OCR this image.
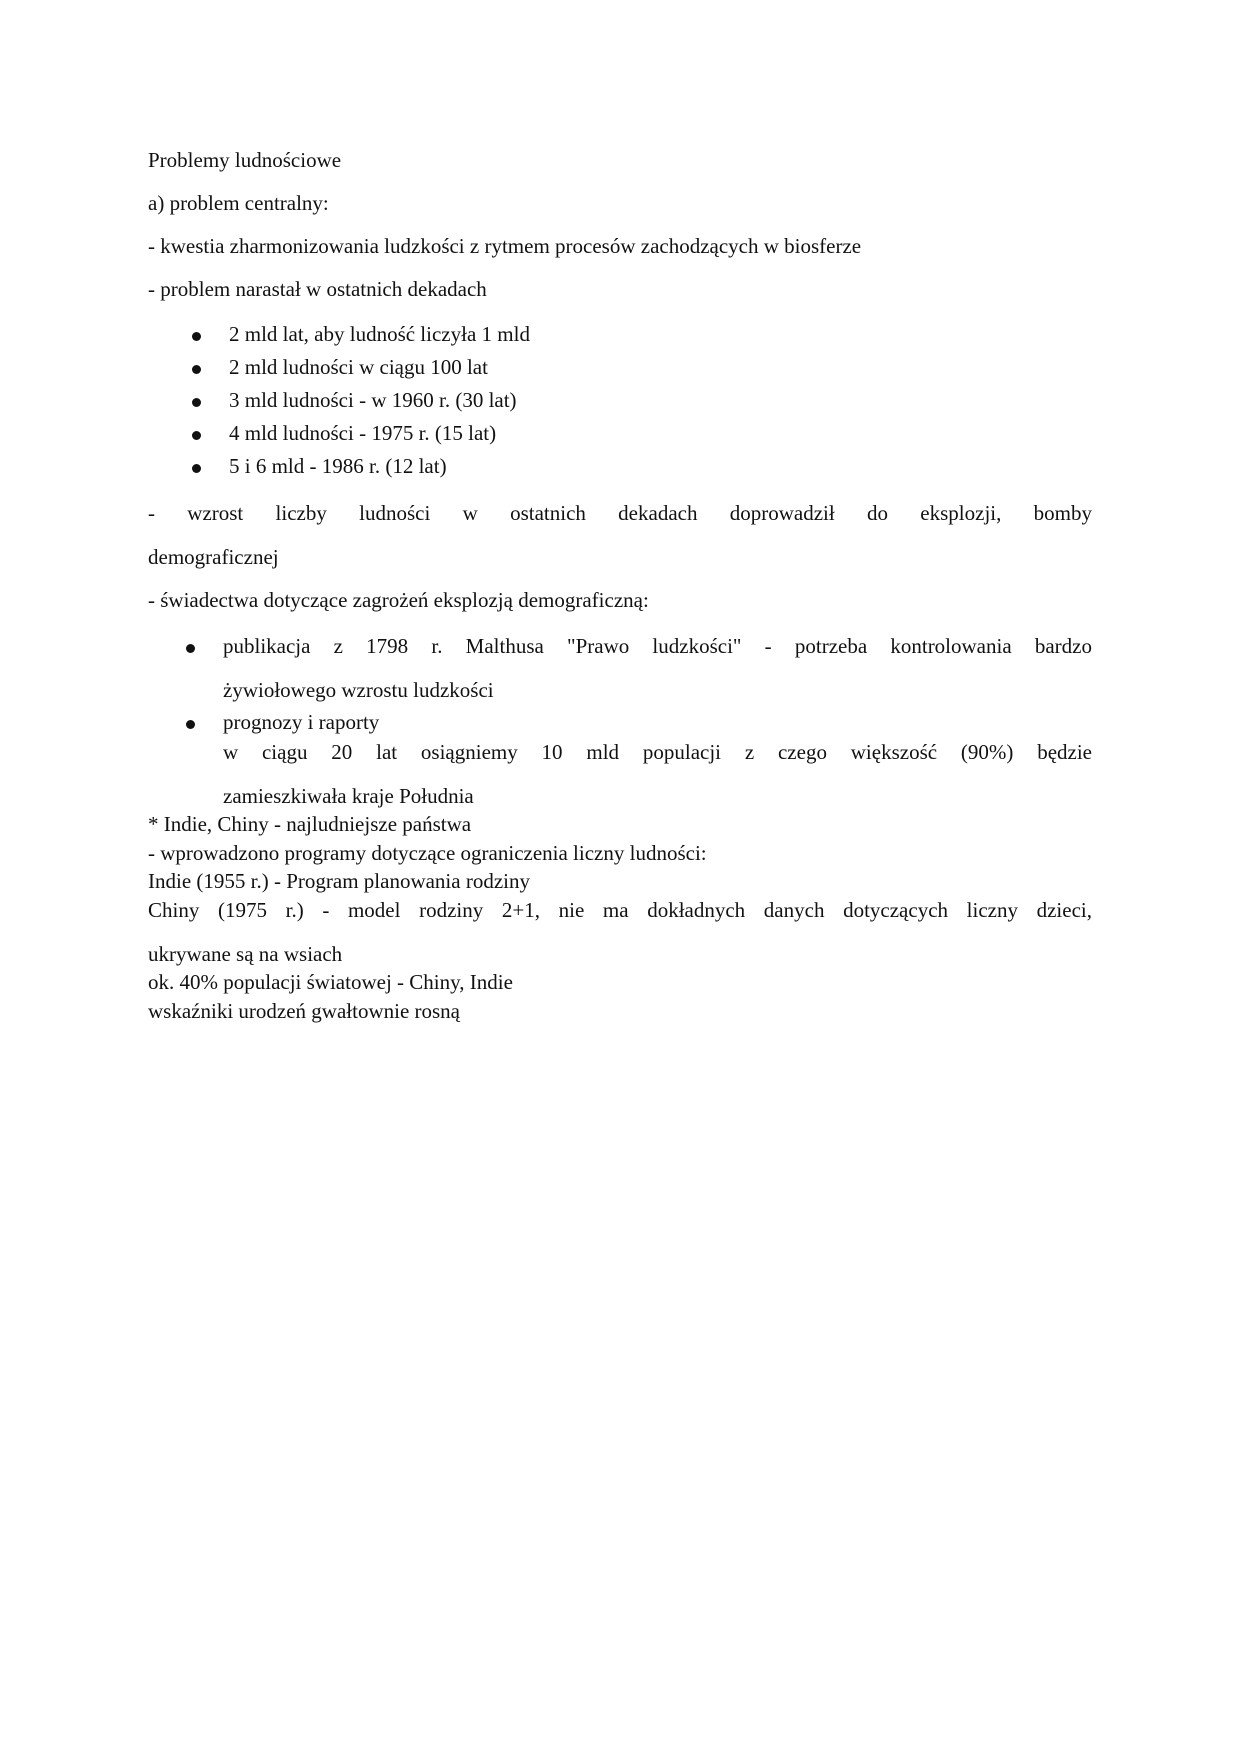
Problemy ludnościowe
a) problem centralny:
- kwestia zharmonizowania ludzkości z rytmem procesów zachodzących w biosferze
- problem narastał w ostatnich dekadach
2 mld lat, aby ludność liczyła 1 mld
2 mld ludności w ciągu 100 lat
3 mld ludności - w 1960 r. (30 lat)
4 mld ludności - 1975 r. (15 lat)
5 i 6 mld - 1986 r. (12 lat)
- wzrost liczby ludności w ostatnich dekadach doprowadził do eksplozji, bomby
demograficznej
- świadectwa dotyczące zagrożeń eksplozją demograficzną:
publikacja z 1798 r. Malthusa "Prawo ludzkości" - potrzeba kontrolowania bardzo
żywiołowego wzrostu ludzkości
prognozy i raporty
w ciągu 20 lat osiągniemy 10 mld populacji z czego większość (90%) będzie
zamieszkiwała kraje Południa
* Indie, Chiny - najludniejsze państwa
- wprowadzono programy dotyczące ograniczenia liczny ludności:
Indie (1955 r.) - Program planowania rodziny
Chiny (1975 r.) - model rodziny 2+1, nie ma dokładnych danych dotyczących liczny dzieci,
ukrywane są na wsiach
ok. 40% populacji światowej - Chiny, Indie
wskaźniki urodzeń gwałtownie rosną
